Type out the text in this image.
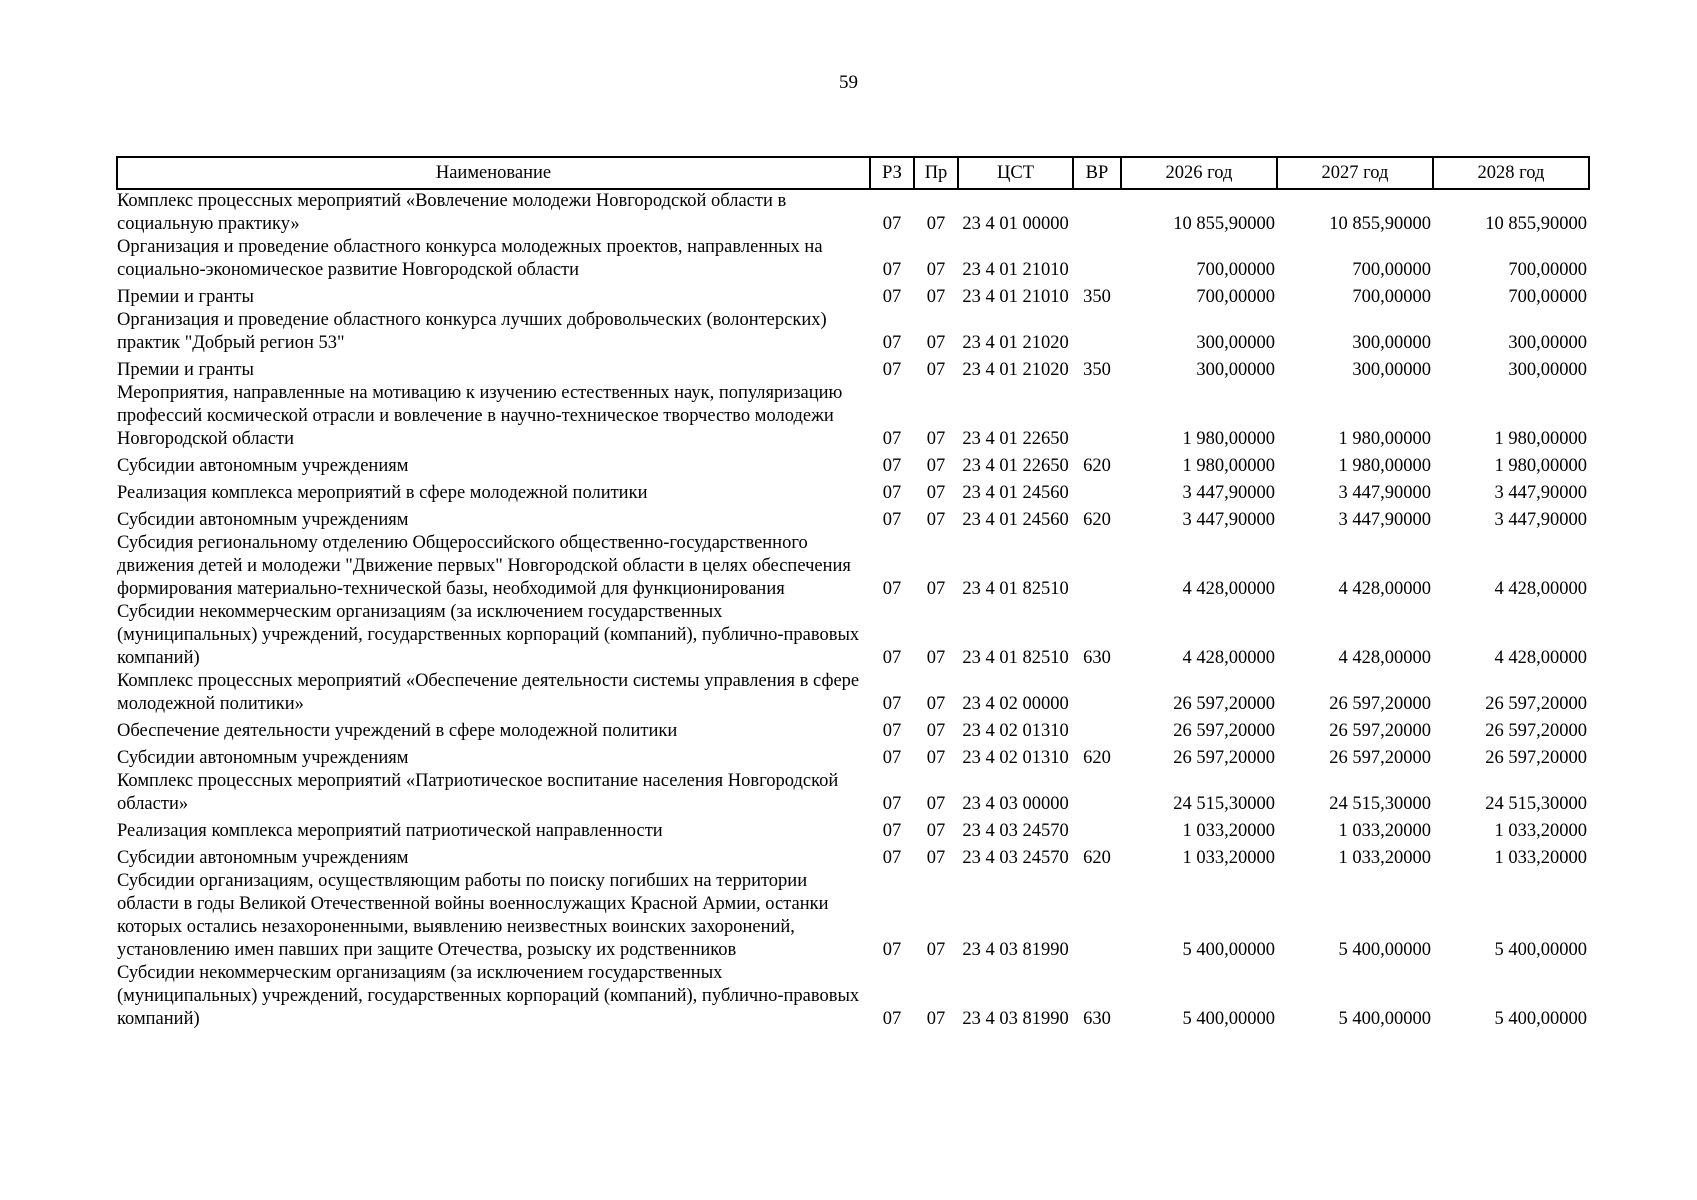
59
Наименование	РЗ	Пр	ЦСТ	ВР	2026 год	2027 год	2028 год
Комплекс процессных мероприятий «Вовлечение молодежи Новгородской области в социальную практику»	07	07	23 4 01 00000		10 855,90000	10 855,90000	10 855,90000
Организация и проведение областного конкурса молодежных проектов, направленных на социально-экономическое развитие Новгородской области	07	07	23 4 01 21010		700,00000	700,00000	700,00000
Премии и гранты	07	07	23 4 01 21010	350	700,00000	700,00000	700,00000
Организация и проведение областного конкурса лучших добровольческих (волонтерских) практик "Добрый регион 53"	07	07	23 4 01 21020		300,00000	300,00000	300,00000
Премии и гранты	07	07	23 4 01 21020	350	300,00000	300,00000	300,00000
Мероприятия, направленные на мотивацию к изучению естественных наук, популяризацию профессий космической отрасли и вовлечение в научно-техническое творчество молодежи Новгородской области	07	07	23 4 01 22650		1 980,00000	1 980,00000	1 980,00000
Субсидии автономным учреждениям	07	07	23 4 01 22650	620	1 980,00000	1 980,00000	1 980,00000
Реализация комплекса мероприятий в сфере молодежной политики	07	07	23 4 01 24560		3 447,90000	3 447,90000	3 447,90000
Субсидии автономным учреждениям	07	07	23 4 01 24560	620	3 447,90000	3 447,90000	3 447,90000
Субсидия региональному отделению Общероссийского общественно-государственного движения детей и молодежи "Движение первых" Новгородской области в целях обеспечения формирования материально-технической базы, необходимой для функционирования	07	07	23 4 01 82510		4 428,00000	4 428,00000	4 428,00000
Субсидии некоммерческим организациям (за исключением государственных (муниципальных) учреждений, государственных корпораций (компаний), публично-правовых компаний)	07	07	23 4 01 82510	630	4 428,00000	4 428,00000	4 428,00000
Комплекс процессных мероприятий «Обеспечение деятельности системы управления в сфере молодежной политики»	07	07	23 4 02 00000		26 597,20000	26 597,20000	26 597,20000
Обеспечение деятельности учреждений в сфере молодежной политики	07	07	23 4 02 01310		26 597,20000	26 597,20000	26 597,20000
Субсидии автономным учреждениям	07	07	23 4 02 01310	620	26 597,20000	26 597,20000	26 597,20000
Комплекс процессных мероприятий «Патриотическое воспитание населения Новгородской области»	07	07	23 4 03 00000		24 515,30000	24 515,30000	24 515,30000
Реализация комплекса мероприятий патриотической направленности	07	07	23 4 03 24570		1 033,20000	1 033,20000	1 033,20000
Субсидии автономным учреждениям	07	07	23 4 03 24570	620	1 033,20000	1 033,20000	1 033,20000
Субсидии организациям, осуществляющим работы по поиску погибших на территории области в годы Великой Отечественной войны военнослужащих Красной Армии, останки которых остались незахороненными, выявлению неизвестных воинских захоронений, установлению имен павших при защите Отечества, розыску их родственников	07	07	23 4 03 81990		5 400,00000	5 400,00000	5 400,00000
Субсидии некоммерческим организациям (за исключением государственных (муниципальных) учреждений, государственных корпораций (компаний), публично-правовых компаний)	07	07	23 4 03 81990	630	5 400,00000	5 400,00000	5 400,00000
